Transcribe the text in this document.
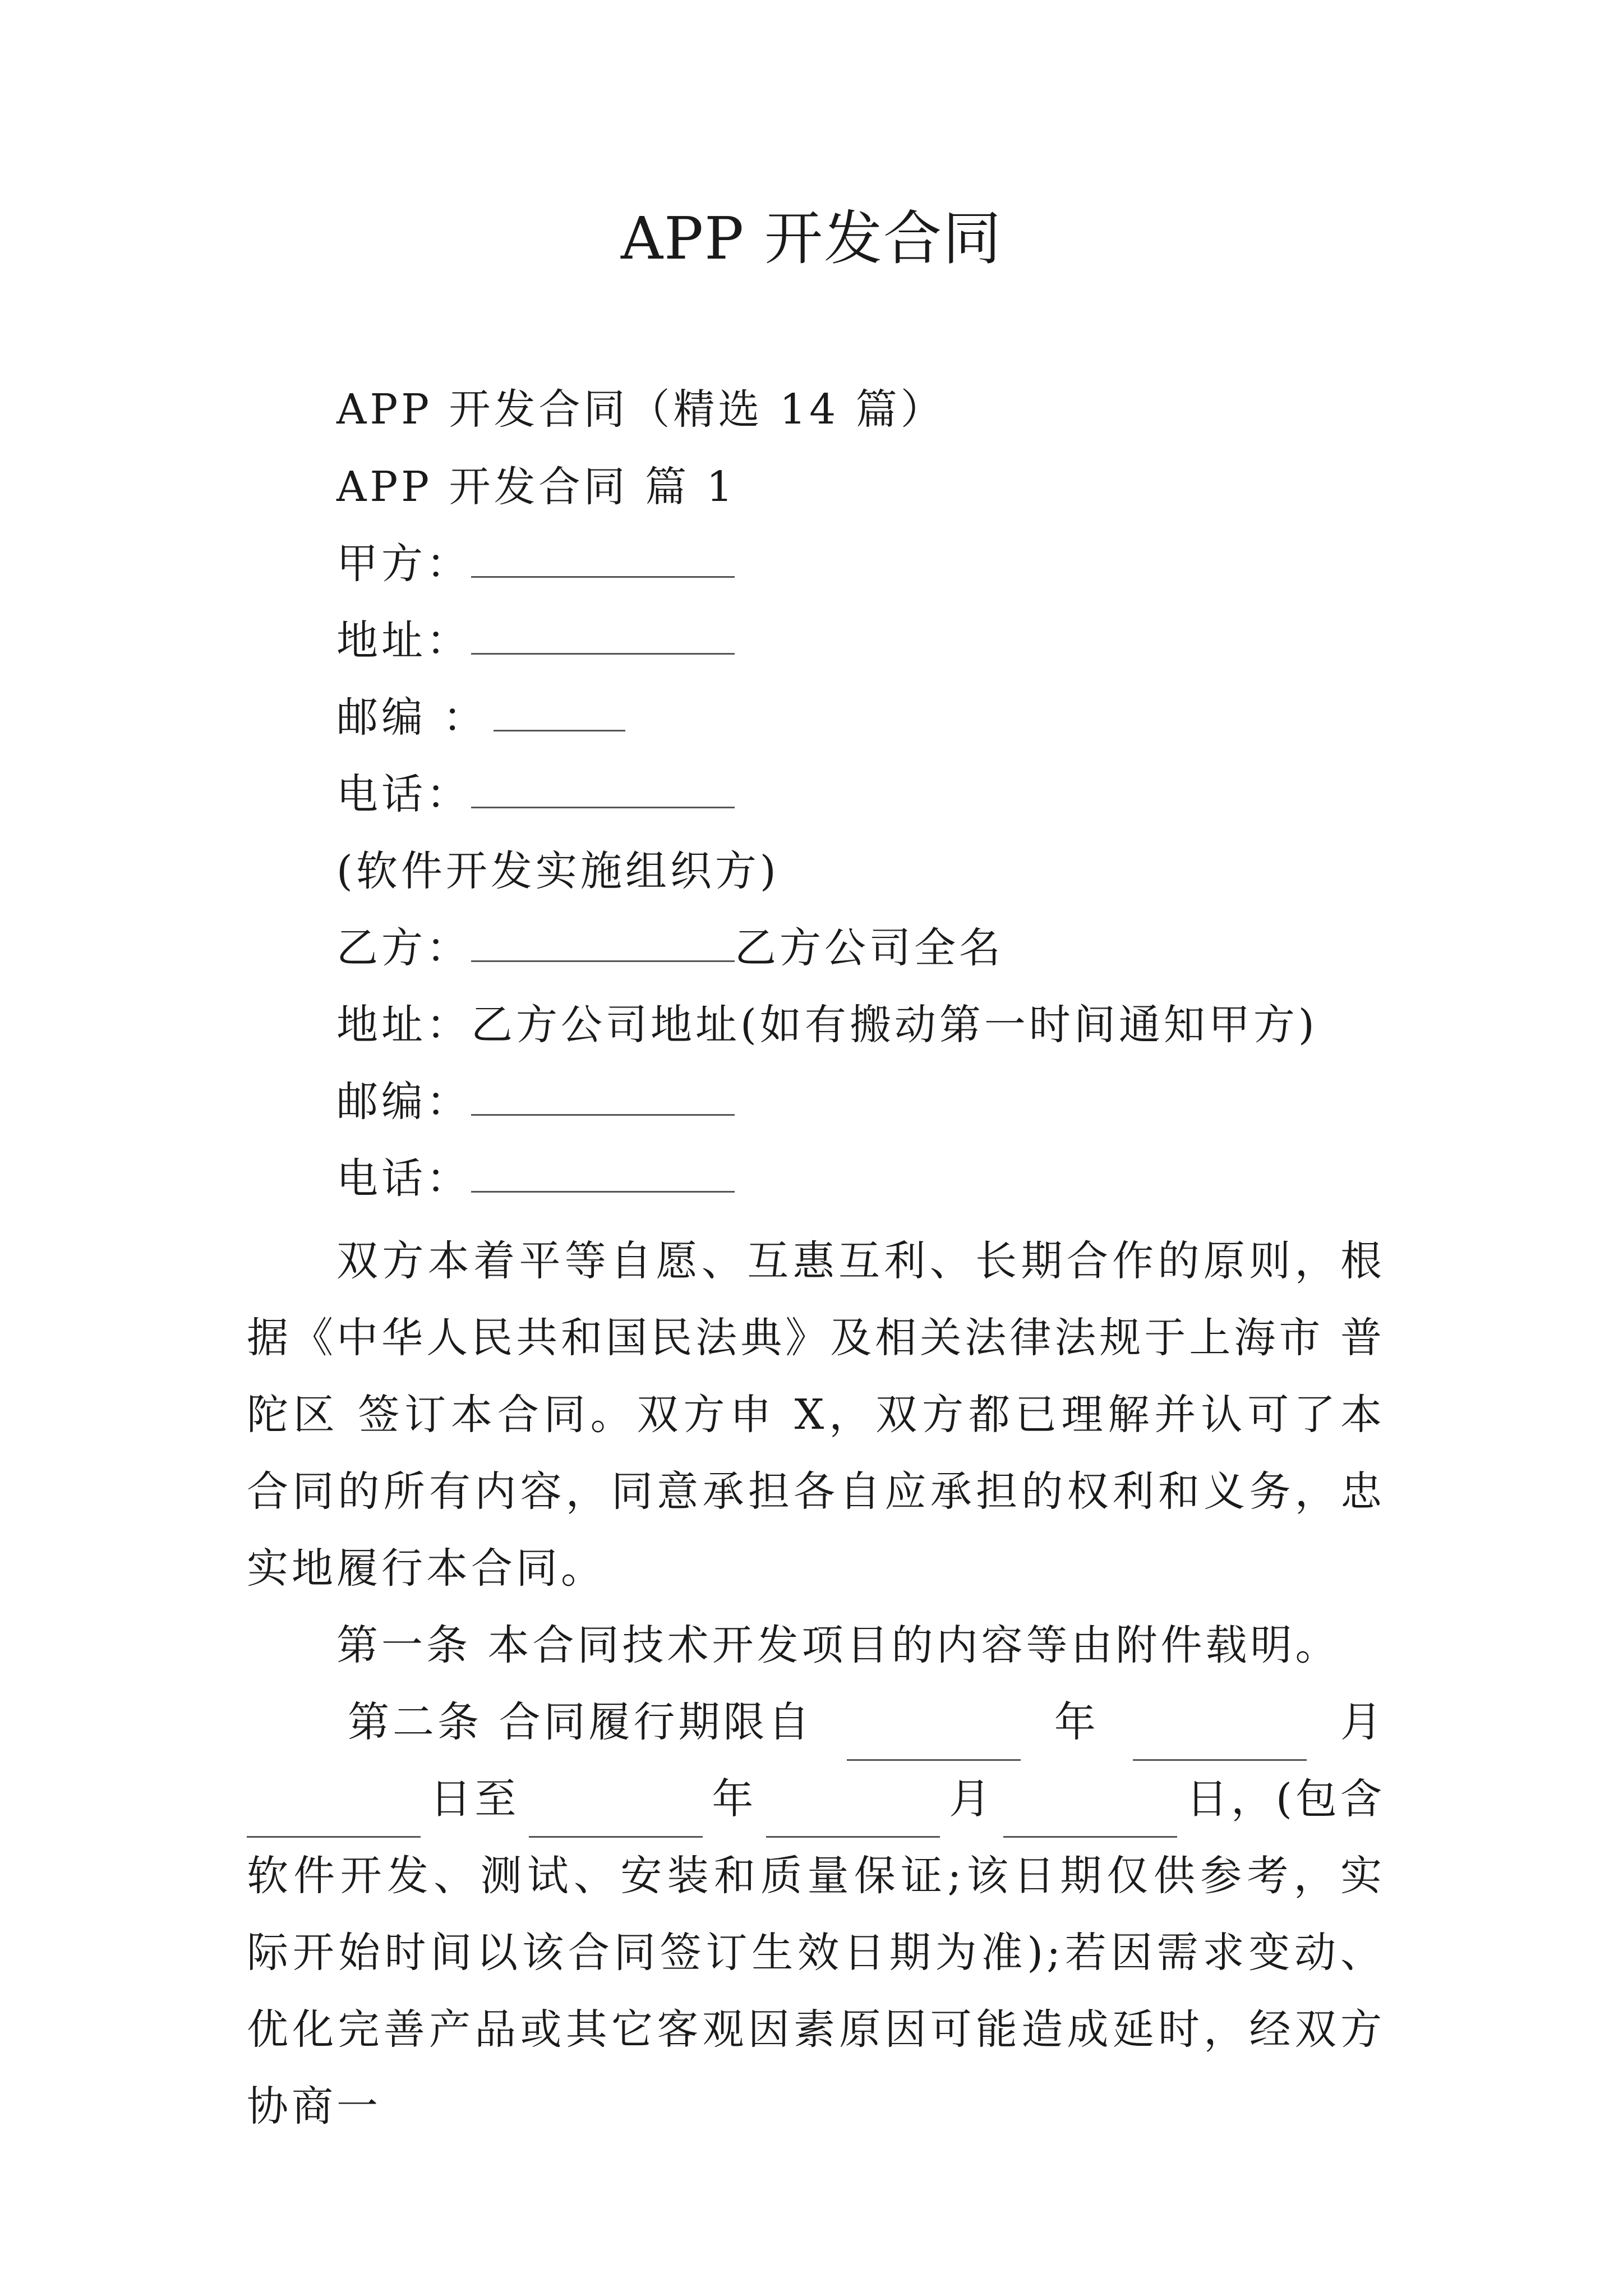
APP 开发合同
APP 开发合同（精选 14 篇）
APP 开发合同 篇 1
甲方：
地址：
邮编 ：
电话：
(软件开发实施组织方)
乙方：	乙方公司全名
地址：乙方公司地址(如有搬动第一时间通知甲方)
邮编：
电话：
双方本着平等自愿、互惠互利、长期合作的原则，根据《中华人民共和国民法典》及相关法律法规于上海市 普陀区 签订本合同。双方申 X，双方都已理解并认可了本合同的所有内容，同意承担各自应承担的权利和义务，忠实地履行本合同。
第一条 本合同技术开发项目的内容等由附件载明。
第二条 合同履行期限自	年	月
日至	年	月	日，(包含
软件开发、测试、安装和质量保证;该日期仅供参考，实际开始时间以该合同签订生效日期为准);若因需求变动、优化完善产品或其它客观因素原因可能造成延时，经双方协商一
